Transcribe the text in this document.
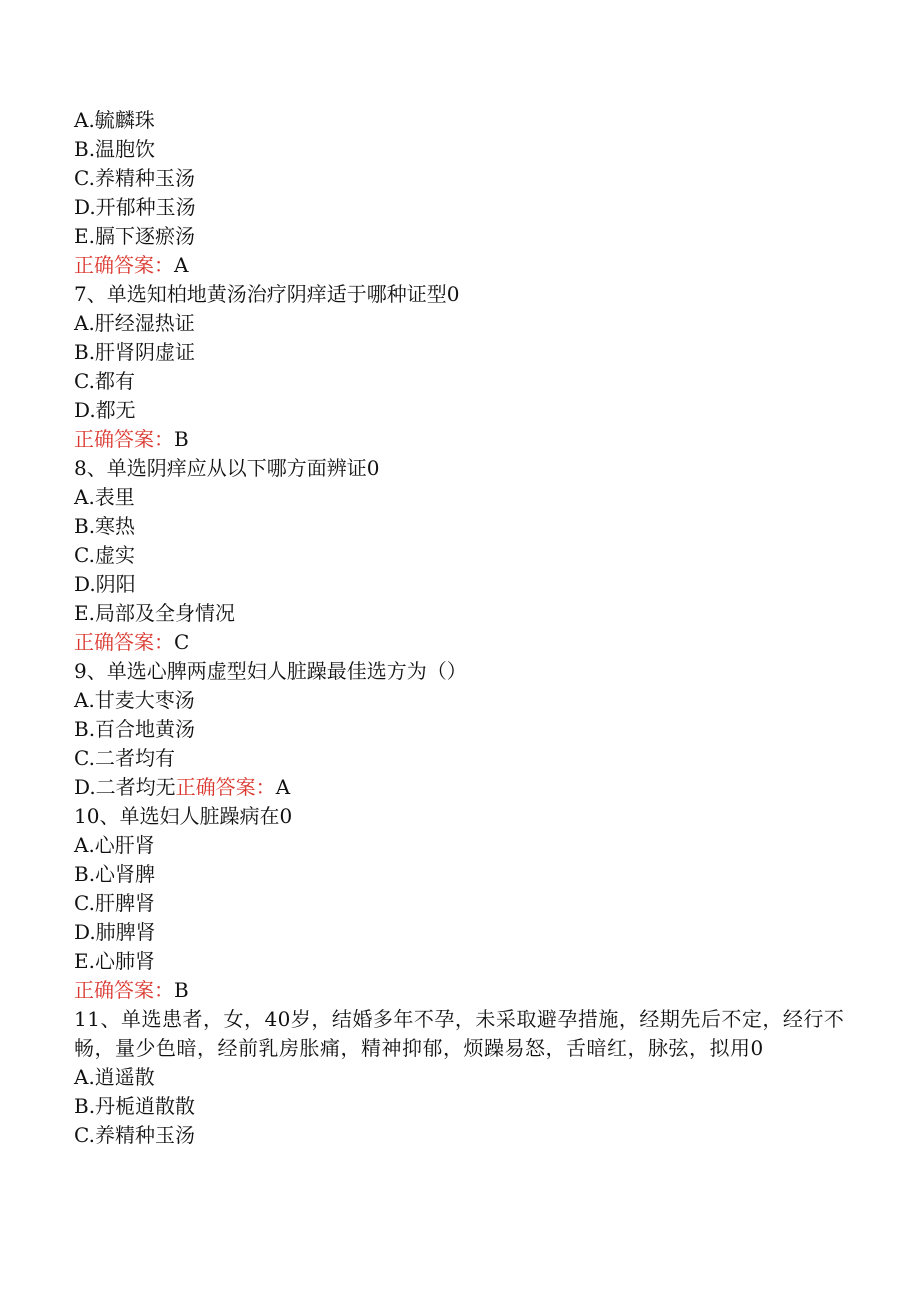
A.毓麟珠
B.温胞饮
C.养精种玉汤
D.开郁种玉汤
E.膈下逐瘀汤
正确答案：A
7、单选知柏地黄汤治疗阴痒适于哪种证型0
A.肝经湿热证
B.肝肾阴虚证
C.都有
D.都无
正确答案：B
8、单选阴痒应从以下哪方面辨证0
A.表里
B.寒热
C.虚实
D.阴阳
E.局部及全身情况
正确答案：C
9、单选心脾两虚型妇人脏躁最佳选方为（）
A.甘麦大枣汤
B.百合地黄汤
C.二者均有
D.二者均无正确答案：A
10、单选妇人脏躁病在0
A.心肝肾
B.心肾脾
C.肝脾肾
D.肺脾肾
E.心肺肾
正确答案：B
11、单选患者，女，40岁，结婚多年不孕，未采取避孕措施，经期先后不定，经行不畅，量少色暗，经前乳房胀痛，精神抑郁，烦躁易怒，舌暗红，脉弦，拟用0
A.逍遥散
B.丹栀逍散散
C.养精种玉汤
